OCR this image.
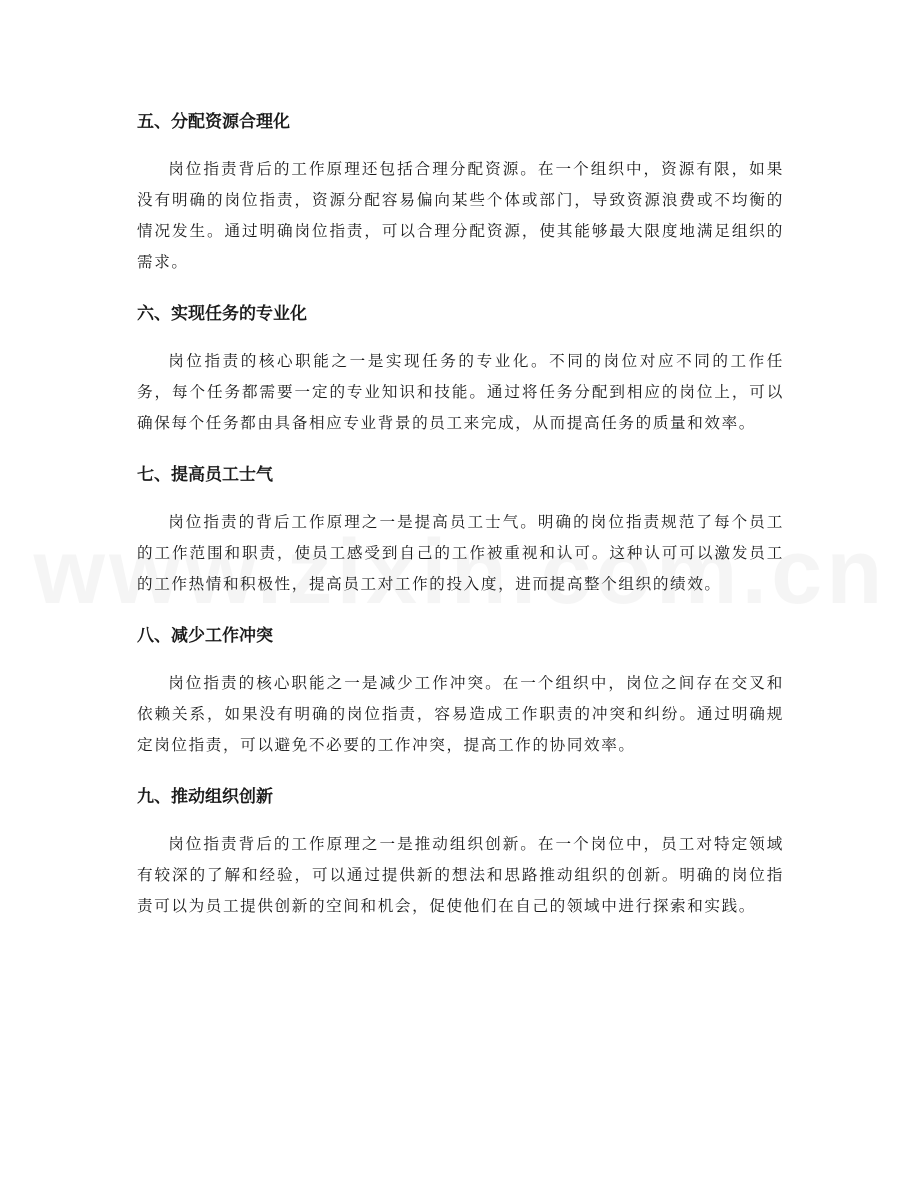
五、分配资源合理化

岗位指责背后的工作原理还包括合理分配资源。在一个组织中，资源有限，如果没有明确的岗位指责，资源分配容易偏向某些个体或部门，导致资源浪费或不均衡的情况发生。通过明确岗位指责，可以合理分配资源，使其能够最大限度地满足组织的需求。

六、实现任务的专业化

岗位指责的核心职能之一是实现任务的专业化。不同的岗位对应不同的工作任务，每个任务都需要一定的专业知识和技能。通过将任务分配到相应的岗位上，可以确保每个任务都由具备相应专业背景的员工来完成，从而提高任务的质量和效率。

七、提高员工士气

岗位指责的背后工作原理之一是提高员工士气。明确的岗位指责规范了每个员工的工作范围和职责，使员工感受到自己的工作被重视和认可。这种认可可以激发员工的工作热情和积极性，提高员工对工作的投入度，进而提高整个组织的绩效。

八、减少工作冲突

岗位指责的核心职能之一是减少工作冲突。在一个组织中，岗位之间存在交叉和依赖关系，如果没有明确的岗位指责，容易造成工作职责的冲突和纠纷。通过明确规定岗位指责，可以避免不必要的工作冲突，提高工作的协同效率。

九、推动组织创新

岗位指责背后的工作原理之一是推动组织创新。在一个岗位中，员工对特定领域有较深的了解和经验，可以通过提供新的想法和思路推动组织的创新。明确的岗位指责可以为员工提供创新的空间和机会，促使他们在自己的领域中进行探索和实践。
